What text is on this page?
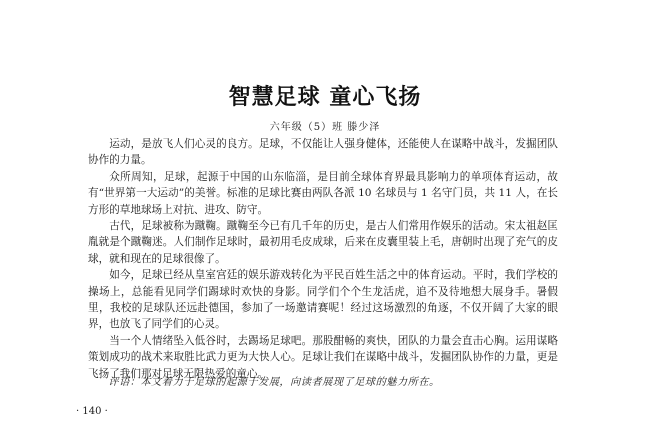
智慧足球 童心飞扬
六年级（5）班 滕少泽

运动，是放飞人们心灵的良方。足球，不仅能让人强身健体，还能使人在谋略中战斗，发掘团队协作的力量。

众所周知，足球，起源于中国的山东临淄，是目前全球体育界最具影响力的单项体育运动，故有“世界第一大运动”的美誉。标准的足球比赛由两队各派 10 名球员与 1 名守门员，共 11 人，在长方形的草地球场上对抗、进攻、防守。

古代，足球被称为蹴鞠。蹴鞠至今已有几千年的历史，是古人们常用作娱乐的活动。宋太祖赵匡胤就是个蹴鞠迷。人们制作足球时，最初用毛皮成球，后来在皮囊里装上毛，唐朝时出现了充气的皮球，就和现在的足球很像了。

如今，足球已经从皇室宫廷的娱乐游戏转化为平民百姓生活之中的体育运动。平时，我们学校的操场上，总能看见同学们踢球时欢快的身影。同学们个个生龙活虎，追不及待地想大展身手。暑假里，我校的足球队还远赴德国，参加了一场邀请赛呢！经过这场激烈的角逐，不仅开阔了大家的眼界，也放飞了同学们的心灵。

当一个人情绪坠入低谷时，去踢场足球吧。那股酣畅的爽快，团队的力量会直击心胸。运用谋略策划成功的战术来取胜比武力更为大快人心。足球让我们在谋略中战斗，发掘团队协作的力量，更是飞扬了我们那对足球无限热爱的童心。

评语：本文着力于足球的起源于发展，向读者展现了足球的魅力所在。
· 140 ·
